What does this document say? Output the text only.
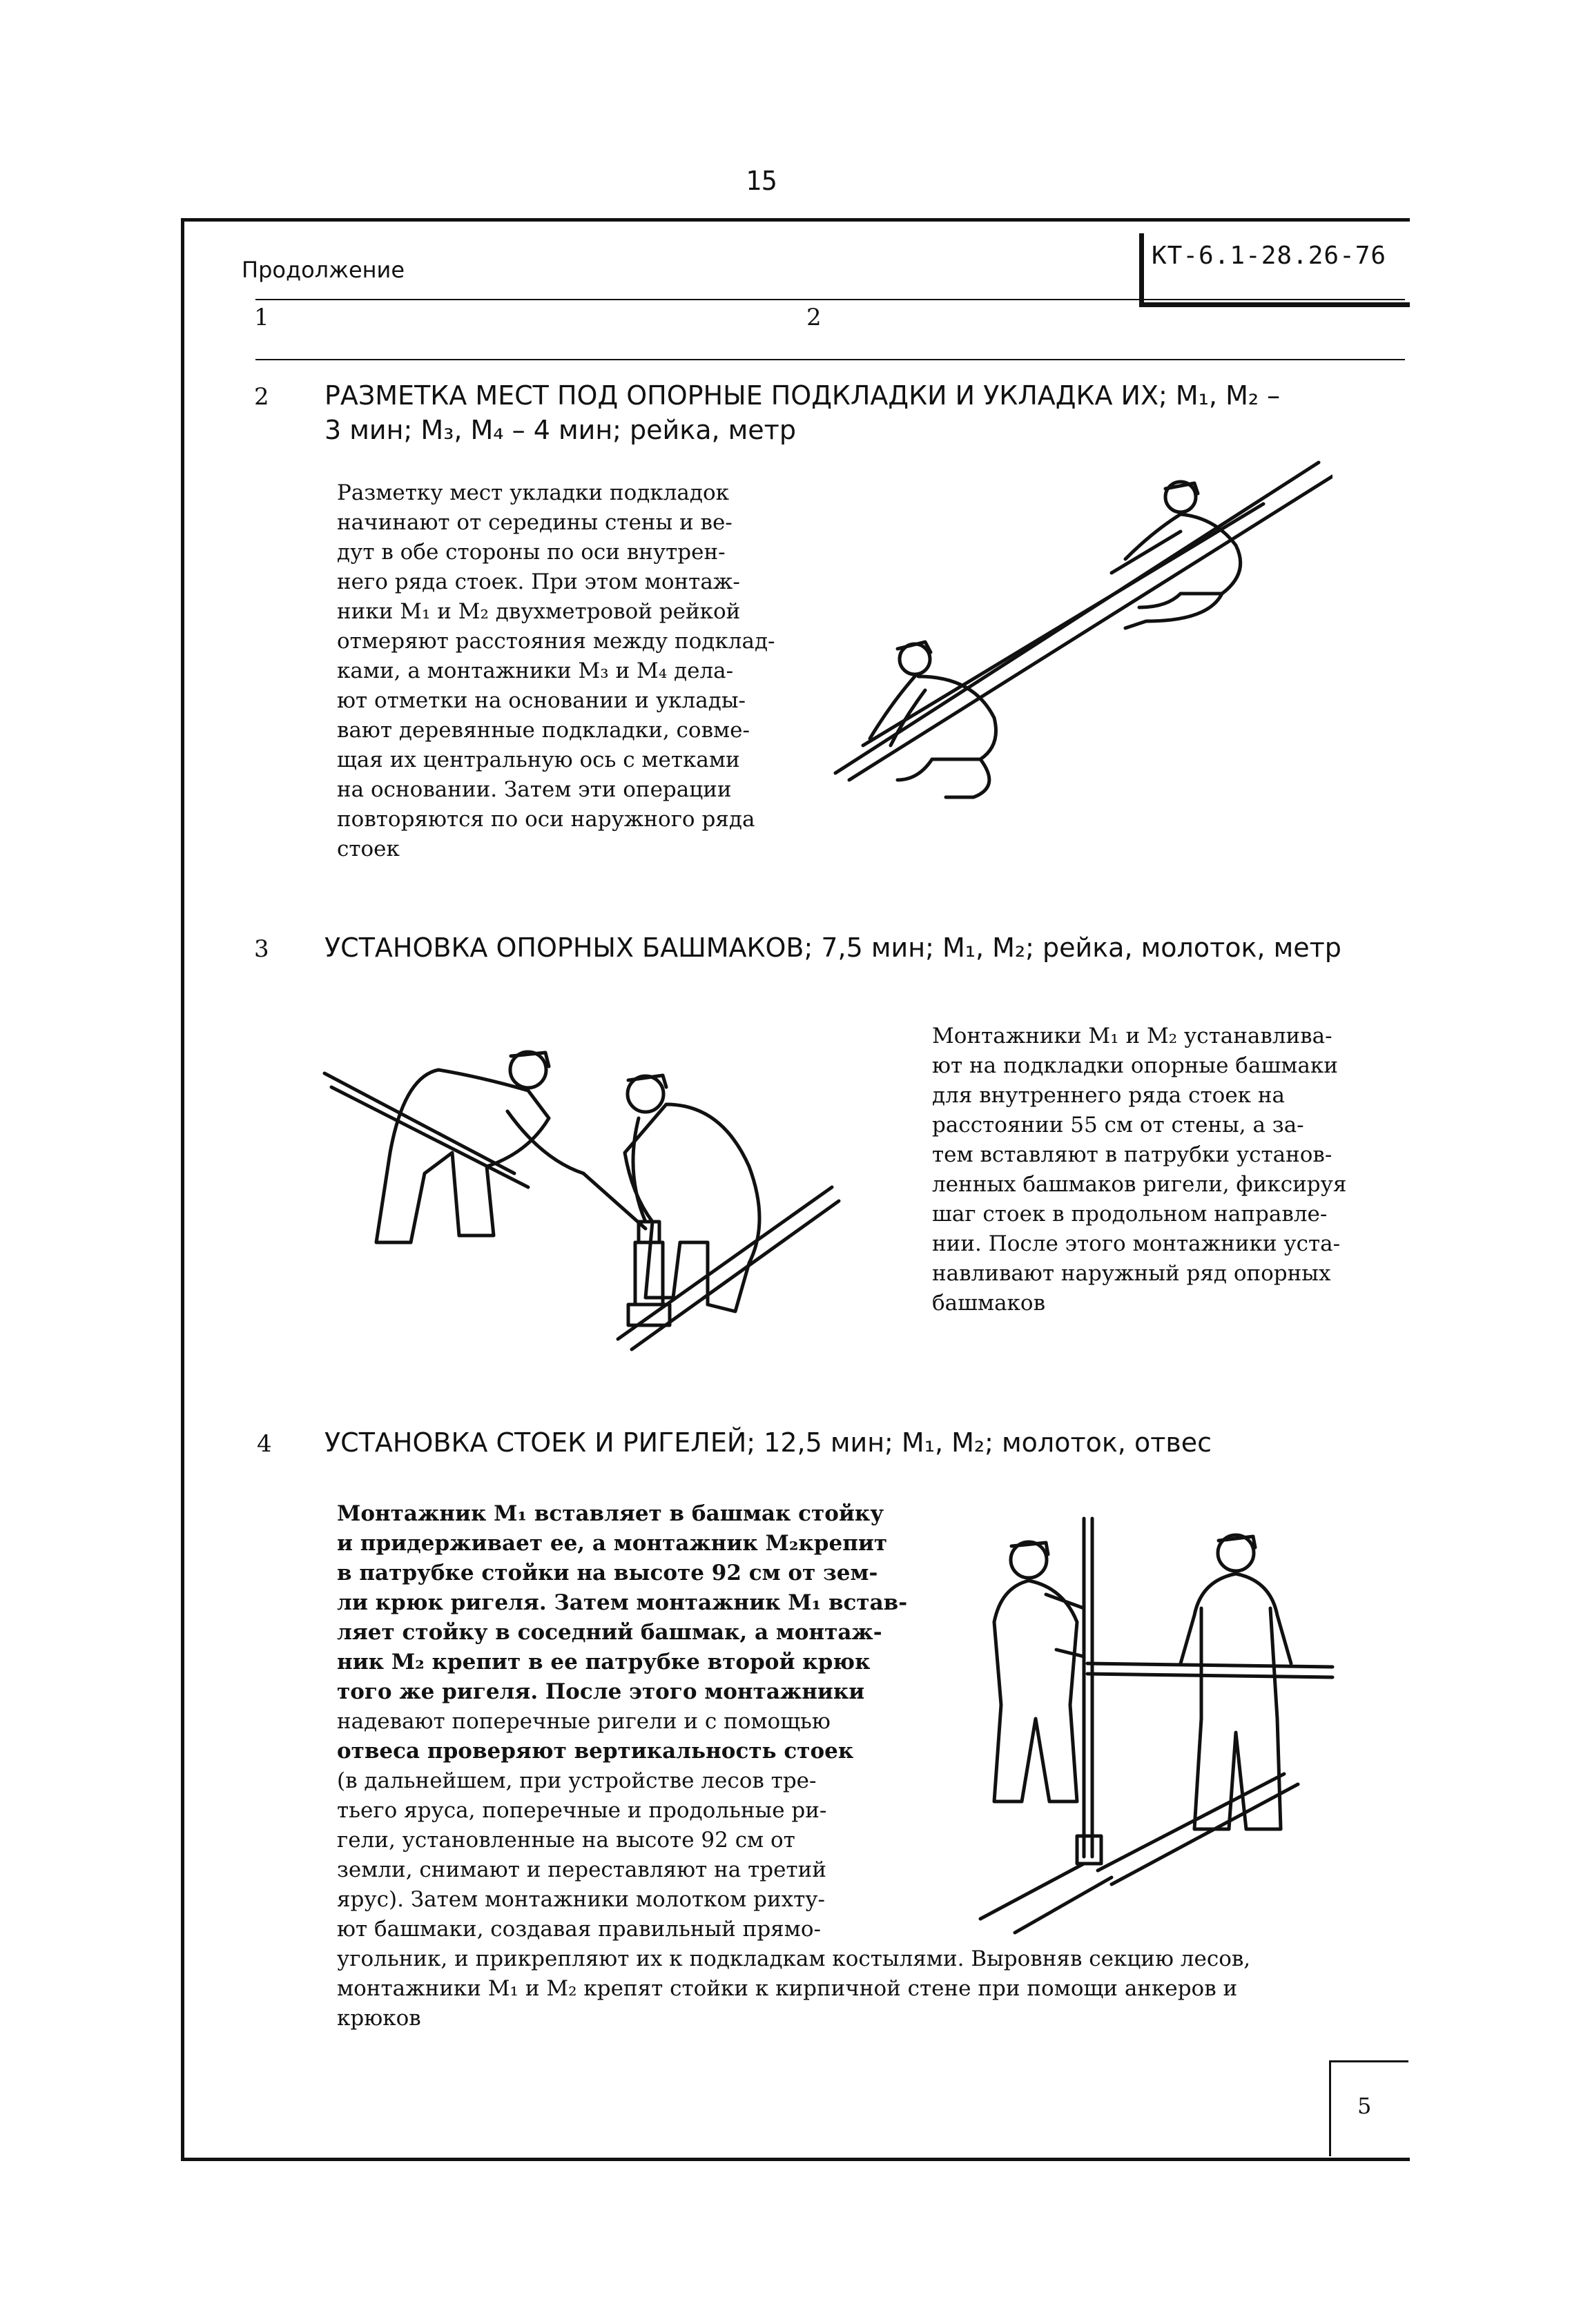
15
КТ-6.1-28.26-76
Продолжение
1	2
2 РАЗМЕТКА МЕСТ ПОД ОПОРНЫЕ ПОДКЛАДКИ И УКЛАДКА ИХ; М₁, М₂ –
3 мин; М₃, М₄ – 4 мин; рейка, метр
Разметку мест укладки подкладок
начинают от середины стены и ве-
дут в обе стороны по оси внутрен-
него ряда стоек. При этом монтаж-
ники М₁ и М₂ двухметровой рейкой
отмеряют расстояния между подклад-
ками, а монтажники М₃ и М₄ дела-
ют отметки на основании и уклады-
вают деревянные подкладки, совме-
щая их центральную ось с метками
на основании. Затем эти операции
повторяются по оси наружного ряда
стоек
3 УСТАНОВКА ОПОРНЫХ БАШМАКОВ; 7,5 мин; М₁, М₂; рейка, молоток, метр
Монтажники М₁ и М₂ устанавлива-
ют на подкладки опорные башмаки
для внутреннего ряда стоек на
расстоянии 55 см от стены, а за-
тем вставляют в патрубки установ-
ленных башмаков ригели, фиксируя
шаг стоек в продольном направле-
нии. После этого монтажники уста-
навливают наружный ряд опорных
башмаков
4 УСТАНОВКА СТОЕК И РИГЕЛЕЙ; 12,5 мин; М₁, М₂; молоток, отвес
Монтажник М₁ вставляет в башмак стойку
и придерживает ее, а монтажник М₂крепит
в патрубке стойки на высоте 92 см от зем-
ли крюк ригеля. Затем монтажник М₁ встав-
ляет стойку в соседний башмак, а монтаж-
ник М₂ крепит в ее патрубке второй крюк
того же ригеля. После этого монтажники
надевают поперечные ригели и с помощью
отвеса проверяют вертикальность стоек
(в дальнейшем, при устройстве лесов тре-
тьего яруса, поперечные и продольные ри-
гели, установленные на высоте 92 см от
земли, снимают и переставляют на третий
ярус). Затем монтажники молотком рихту-
ют башмаки, создавая правильный прямо-
угольник, и прикрепляют их к подкладкам костылями. Выровняв секцию лесов,
монтажники М₁ и М₂ крепят стойки к кирпичной стене при помощи анкеров и
крюков
5
